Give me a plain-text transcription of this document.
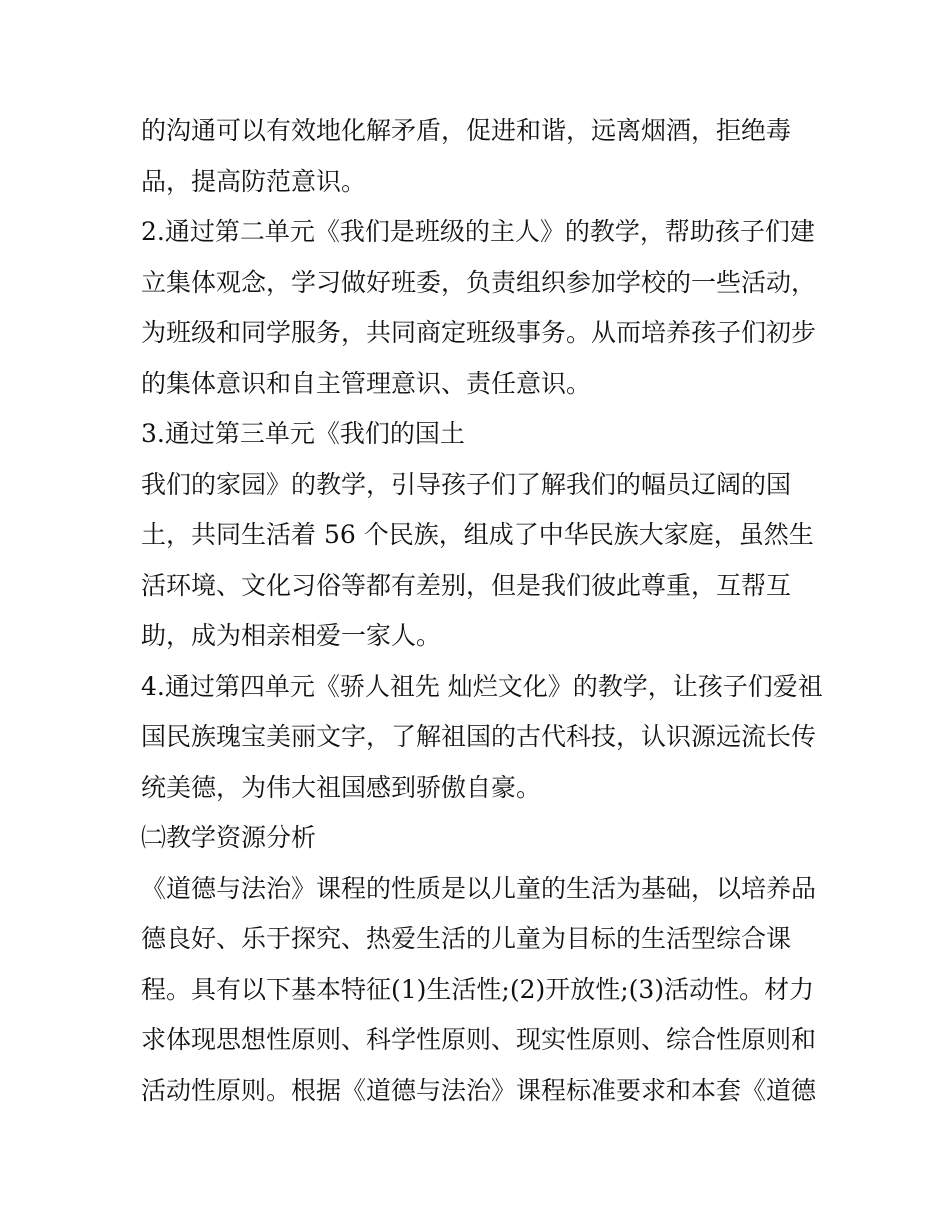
的沟通可以有效地化解矛盾，促进和谐，远离烟酒，拒绝毒
品，提高防范意识。
2.通过第二单元《我们是班级的主人》的教学，帮助孩子们建
立集体观念，学习做好班委，负责组织参加学校的一些活动，
为班级和同学服务，共同商定班级事务。从而培养孩子们初步
的集体意识和自主管理意识、责任意识。
3.通过第三单元《我们的国土
我们的家园》的教学，引导孩子们了解我们的幅员辽阔的国
土，共同生活着 56 个民族，组成了中华民族大家庭，虽然生
活环境、文化习俗等都有差别，但是我们彼此尊重，互帮互
助，成为相亲相爱一家人。
4.通过第四单元《骄人祖先 灿烂文化》的教学，让孩子们爱祖
国民族瑰宝美丽文字，了解祖国的古代科技，认识源远流长传
统美德，为伟大祖国感到骄傲自豪。
㈡教学资源分析
《道德与法治》课程的性质是以儿童的生活为基础，以培养品
德良好、乐于探究、热爱生活的儿童为目标的生活型综合课
程。具有以下基本特征(1)生活性;(2)开放性;(3)活动性。材力
求体现思想性原则、科学性原则、现实性原则、综合性原则和
活动性原则。根据《道德与法治》课程标准要求和本套《道德
